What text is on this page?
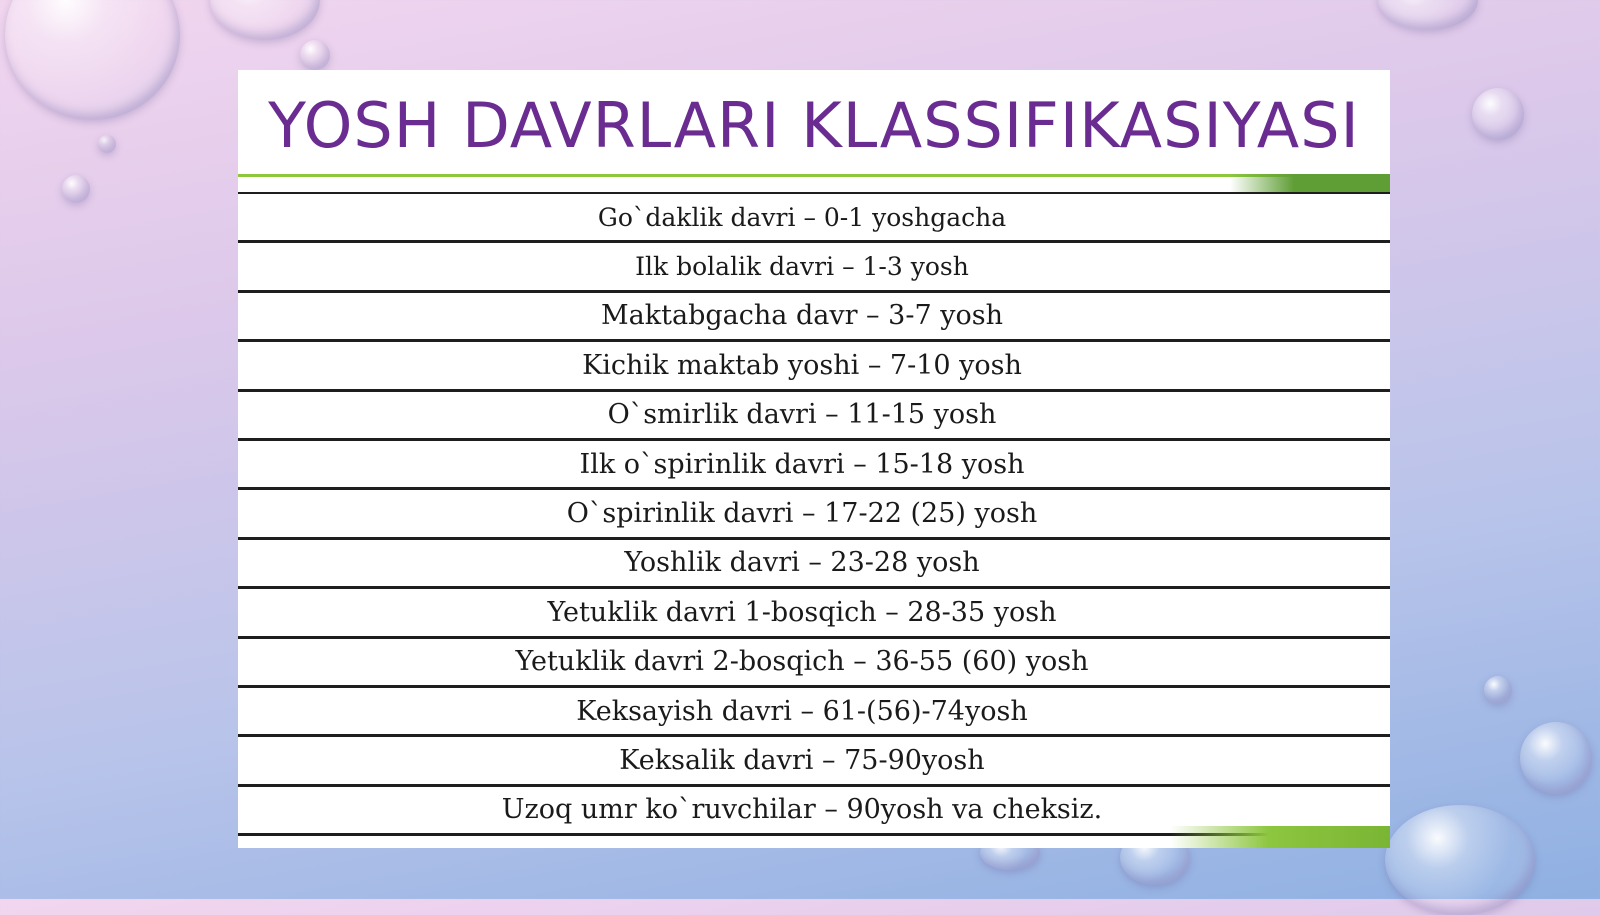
YOSH DAVRLARI KLASSIFIKASIYASI
Go`daklik davri – 0-1 yoshgacha
Ilk bolalik davri – 1-3 yosh
Maktabgacha davr – 3-7 yosh
Kichik maktab yoshi – 7-10 yosh
O`smirlik davri – 11-15 yosh
Ilk o`spirinlik davri – 15-18 yosh
O`spirinlik davri – 17-22 (25) yosh
Yoshlik davri – 23-28 yosh
Yetuklik davri 1-bosqich – 28-35 yosh
Yetuklik davri 2-bosqich – 36-55 (60) yosh
Keksayish davri – 61-(56)-74yosh
Keksalik davri – 75-90yosh
Uzoq umr ko`ruvchilar – 90yosh va cheksiz.
